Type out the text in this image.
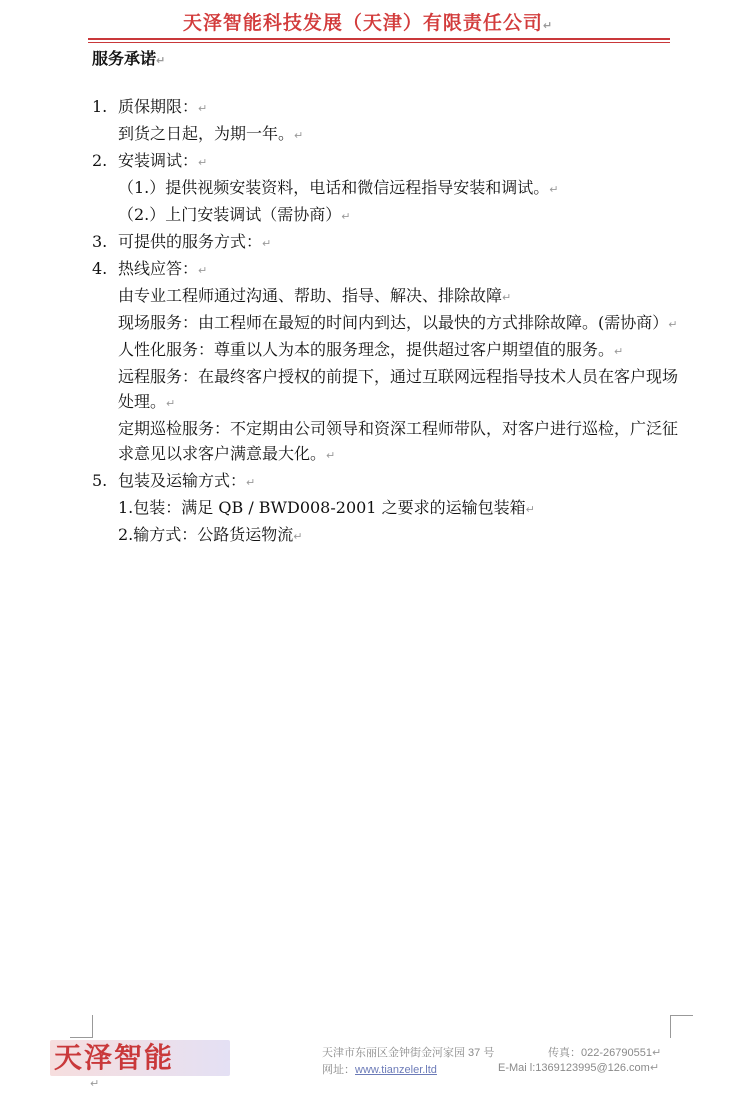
天泽智能科技发展（天津）有限责任公司↵
服务承诺↵
1. 质保期限：↵
到货之日起，为期一年。↵
2. 安装调试：↵
（1.）提供视频安装资料，电话和微信远程指导安装和调试。↵
（2.）上门安装调试（需协商）↵
3. 可提供的服务方式：↵
4. 热线应答：↵
由专业工程师通过沟通、帮助、指导、解决、排除故障↵
现场服务：由工程师在最短的时间内到达，以最快的方式排除故障。(需协商）↵
人性化服务：尊重以人为本的服务理念，提供超过客户期望值的服务。↵
远程服务：在最终客户授权的前提下，通过互联网远程指导技术人员在客户现场处理。↵
定期巡检服务：不定期由公司领导和资深工程师带队，对客户进行巡检，广泛征求意见以求客户满意最大化。↵
5. 包装及运输方式：↵
1.包装：满足 QB / BWD008-2001 之要求的运输包装箱↵
2.输方式：公路货运物流↵
天泽智能	天津市东丽区金钟街金河家园 37 号	传真：022-26790551↵
网址：www.tianzeler.ltd	E-Mai l:1369123995@126.com↵
↵
